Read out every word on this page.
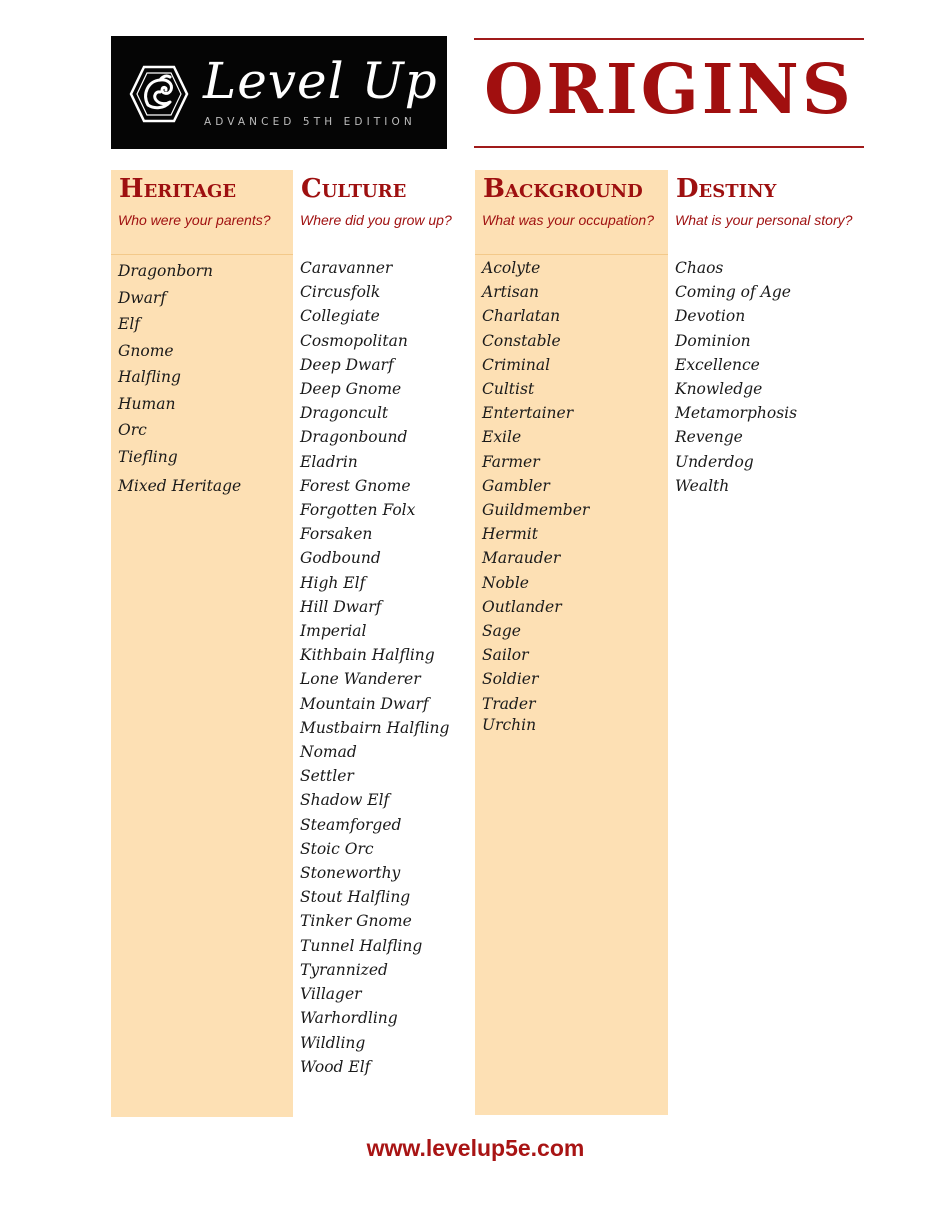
Level Up
ADVANCED 5TH EDITION ORIGINS
Heritage
Who were your parents?
Dragonborn
Dwarf
Elf
Gnome
Halfling
Human
Orc
Tiefling
Mixed Heritage
Culture
Where did you grow up?
Caravanner
Circusfolk
Collegiate
Cosmopolitan
Deep Dwarf
Deep Gnome
Dragoncult
Dragonbound
Eladrin
Forest Gnome
Forgotten Folx
Forsaken
Godbound
High Elf
Hill Dwarf
Imperial
Kithbain Halfling
Lone Wanderer
Mountain Dwarf
Mustbairn Halfling
Nomad
Settler
Shadow Elf
Steamforged
Stoic Orc
Stoneworthy
Stout Halfling
Tinker Gnome
Tunnel Halfling
Tyrannized
Villager
Warhordling
Wildling
Wood Elf
Background
What was your occupation?
Acolyte
Artisan
Charlatan
Constable
Criminal
Cultist
Entertainer
Exile
Farmer
Gambler
Guildmember
Hermit
Marauder
Noble
Outlander
Sage
Sailor
Soldier
Trader
Urchin
Destiny
What is your personal story?
Chaos
Coming of Age
Devotion
Dominion
Excellence
Knowledge
Metamorphosis
Revenge
Underdog
Wealth
www.levelup5e.com
